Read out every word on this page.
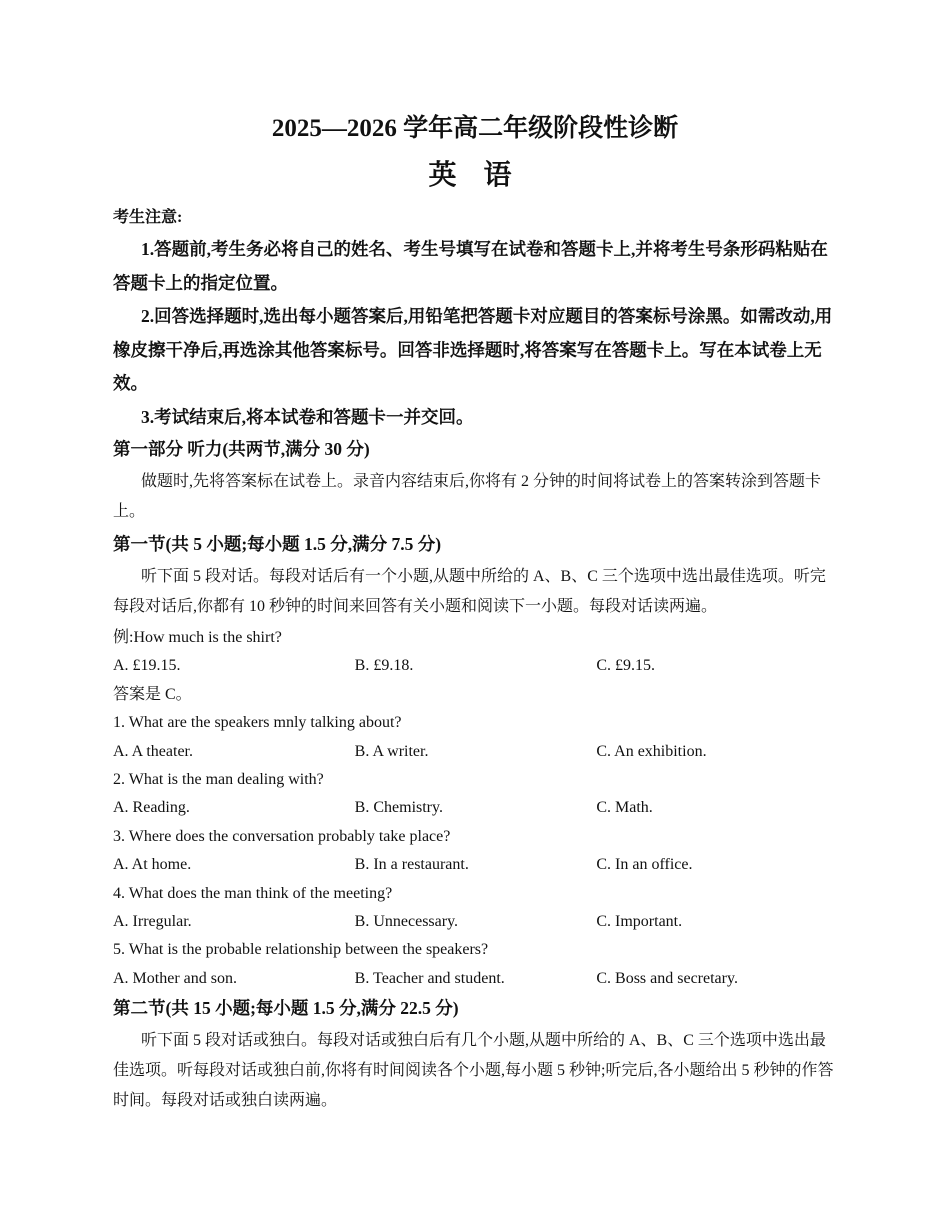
2025—2026 学年高二年级阶段性诊断
英 语
考生注意:
1.答题前,考生务必将自己的姓名、考生号填写在试卷和答题卡上,并将考生号条形码粘贴在答题卡上的指定位置。
2.回答选择题时,选出每小题答案后,用铅笔把答题卡对应题目的答案标号涂黑。如需改动,用橡皮擦干净后,再选涂其他答案标号。回答非选择题时,将答案写在答题卡上。写在本试卷上无效。
3.考试结束后,将本试卷和答题卡一并交回。
第一部分 听力(共两节,满分 30 分)
做题时,先将答案标在试卷上。录音内容结束后,你将有 2 分钟的时间将试卷上的答案转涂到答题卡上。
第一节(共 5 小题;每小题 1.5 分,满分 7.5 分)
听下面 5 段对话。每段对话后有一个小题,从题中所给的 A、B、C 三个选项中选出最佳选项。听完每段对话后,你都有 10 秒钟的时间来回答有关小题和阅读下一小题。每段对话读两遍。
例:How much is the shirt?
A. £19.15.	B. £9.18.	C. £9.15.
答案是 C。
1. What are the speakers mnly talking about?
A. A theater.	B. A writer.	C. An exhibition.
2. What is the man dealing with?
A. Reading.	B. Chemistry.	C. Math.
3. Where does the conversation probably take place?
A. At home.	B. In a restaurant.	C. In an office.
4. What does the man think of the meeting?
A. Irregular.	B. Unnecessary.	C. Important.
5. What is the probable relationship between the speakers?
A. Mother and son.	B. Teacher and student.	C. Boss and secretary.
第二节(共 15 小题;每小题 1.5 分,满分 22.5 分)
听下面 5 段对话或独白。每段对话或独白后有几个小题,从题中所给的 A、B、C 三个选项中选出最佳选项。听每段对话或独白前,你将有时间阅读各个小题,每小题 5 秒钟;听完后,各小题给出 5 秒钟的作答时间。每段对话或独白读两遍。
